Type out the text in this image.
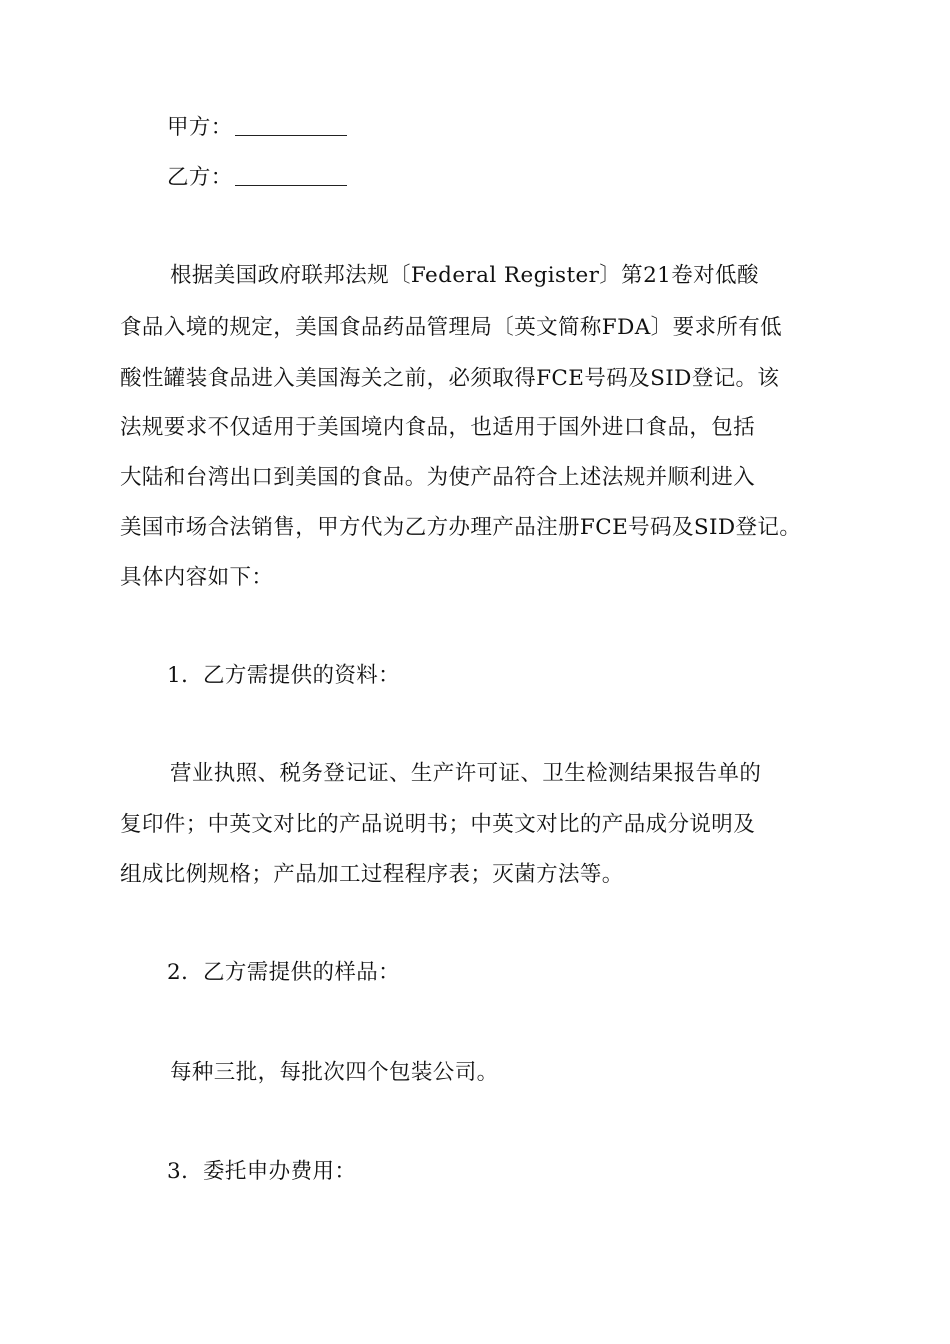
甲方：
乙方：
根据美国政府联邦法规〔Federal Register〕第21卷对低酸
食品入境的规定，美国食品药品管理局〔英文简称FDA〕要求所有低
酸性罐装食品进入美国海关之前，必须取得FCE号码及SID登记。该
法规要求不仅适用于美国境内食品，也适用于国外进口食品，包括
大陆和台湾出口到美国的食品。为使产品符合上述法规并顺利进入
美国市场合法销售，甲方代为乙方办理产品注册FCE号码及SID登记。
具体内容如下：
1．乙方需提供的资料：
营业执照、税务登记证、生产许可证、卫生检测结果报告单的
复印件；中英文对比的产品说明书；中英文对比的产品成分说明及
组成比例规格；产品加工过程程序表；灭菌方法等。
2．乙方需提供的样品：
每种三批，每批次四个包装公司。
3．委托申办费用：
